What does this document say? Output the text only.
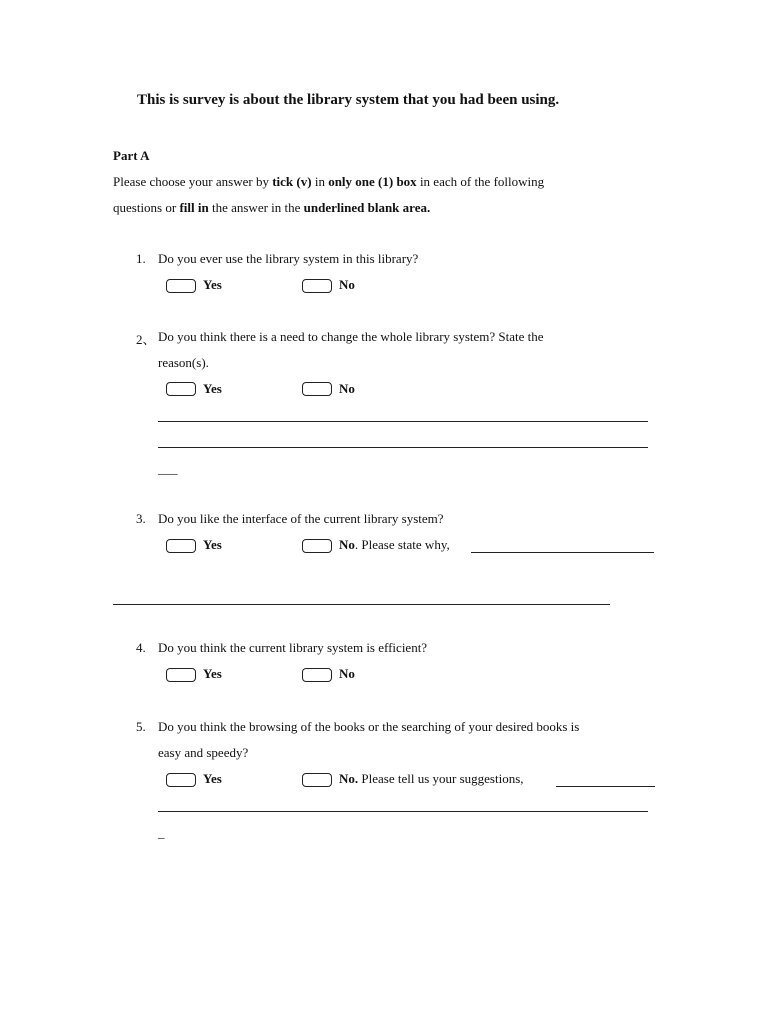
This is survey is about the library system that you had been using.
Part A
Please choose your answer by tick (v) in only one (1) box in each of the following
questions or fill in the answer in the underlined blank area.
1. Do you ever use the library system in this library?
Yes	No
2、 Do you think there is a need to change the whole library system? State the
reason(s).
Yes	No
___
3. Do you like the interface of the current library system?
Yes	No. Please state why,
4. Do you think the current library system is efficient?
Yes	No
5. Do you think the browsing of the books or the searching of your desired books is
easy and speedy?
Yes	No. Please tell us your suggestions,
_
